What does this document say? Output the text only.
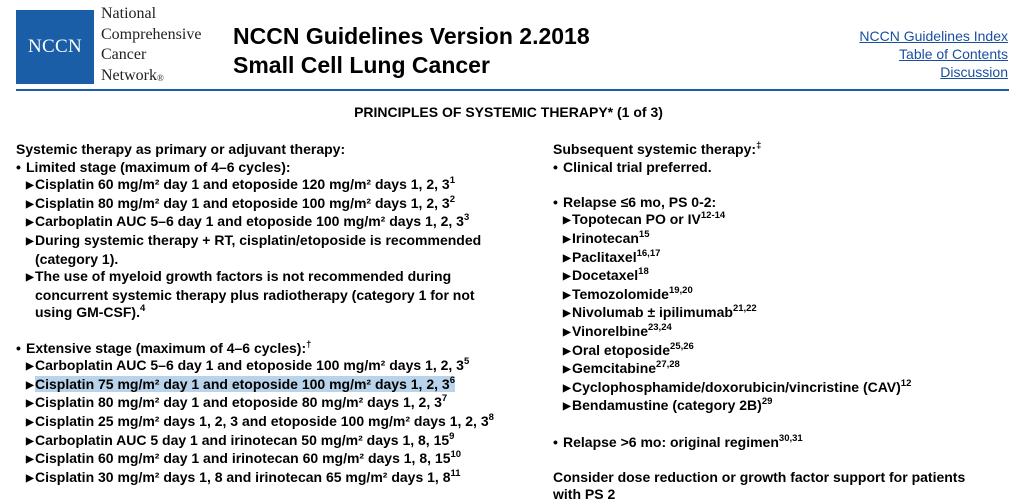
NCCN
National
Comprehensive
Cancer
Network®
NCCN Guidelines Version 2.2018
Small Cell Lung Cancer
NCCN Guidelines Index
Table of Contents
Discussion
PRINCIPLES OF SYSTEMIC THERAPY* (1 of 3)
Systemic therapy as primary or adjuvant therapy:
• Limited stage (maximum of 4–6 cycles):
▶Cisplatin 60 mg/m² day 1 and etoposide 120 mg/m² days 1, 2, $3^1$
▶Cisplatin 80 mg/m² day 1 and etoposide 100 mg/m² days 1, 2, $3^2$
▶Carboplatin AUC 5–6 day 1 and etoposide 100 mg/m² days 1, 2, $3^3$
▶During systemic therapy + RT, cisplatin/etoposide is recommended
(category 1).
▶The use of myeloid growth factors is not recommended during
concurrent systemic therapy plus radiotherapy (category 1 for not
using GM-CSF).$^4$
• Extensive stage (maximum of 4–6 cycles):†
▶Carboplatin AUC 5–6 day 1 and etoposide 100 mg/m² days 1, 2, $3^5$
▶Cisplatin 75 mg/m² day 1 and etoposide 100 mg/m² days 1, 2, $3^6$
▶Cisplatin 80 mg/m² day 1 and etoposide 80 mg/m² days 1, 2, $3^7$
▶Cisplatin 25 mg/m² days 1, 2, 3 and etoposide 100 mg/m² days 1, 2, $3^8$
▶Carboplatin AUC 5 day 1 and irinotecan 50 mg/m² days 1, 8, $15^9$
▶Cisplatin 60 mg/m² day 1 and irinotecan 60 mg/m² days 1, 8, $15^{10}$
▶Cisplatin 30 mg/m² days 1, 8 and irinotecan 65 mg/m² days 1, $8^{11}$
Subsequent systemic therapy:‡
• Clinical trial preferred.
• Relapse ≤6 mo, PS 0-2:
▶Topotecan PO or IV$^{12-14}$
▶Irinotecan$^{15}$
▶Paclitaxel$^{16,17}$
▶Docetaxel$^{18}$
▶Temozolomide$^{19,20}$
▶Nivolumab ± ipilimumab$^{21,22}$
▶Vinorelbine$^{23,24}$
▶Oral etoposide$^{25,26}$
▶Gemcitabine$^{27,28}$
▶Cyclophosphamide/doxorubicin/vincristine (CAV)$^{12}$
▶Bendamustine (category 2B)$^{29}$
• Relapse >6 mo: original regimen$^{30,31}$
Consider dose reduction or growth factor support for patients
with PS 2
